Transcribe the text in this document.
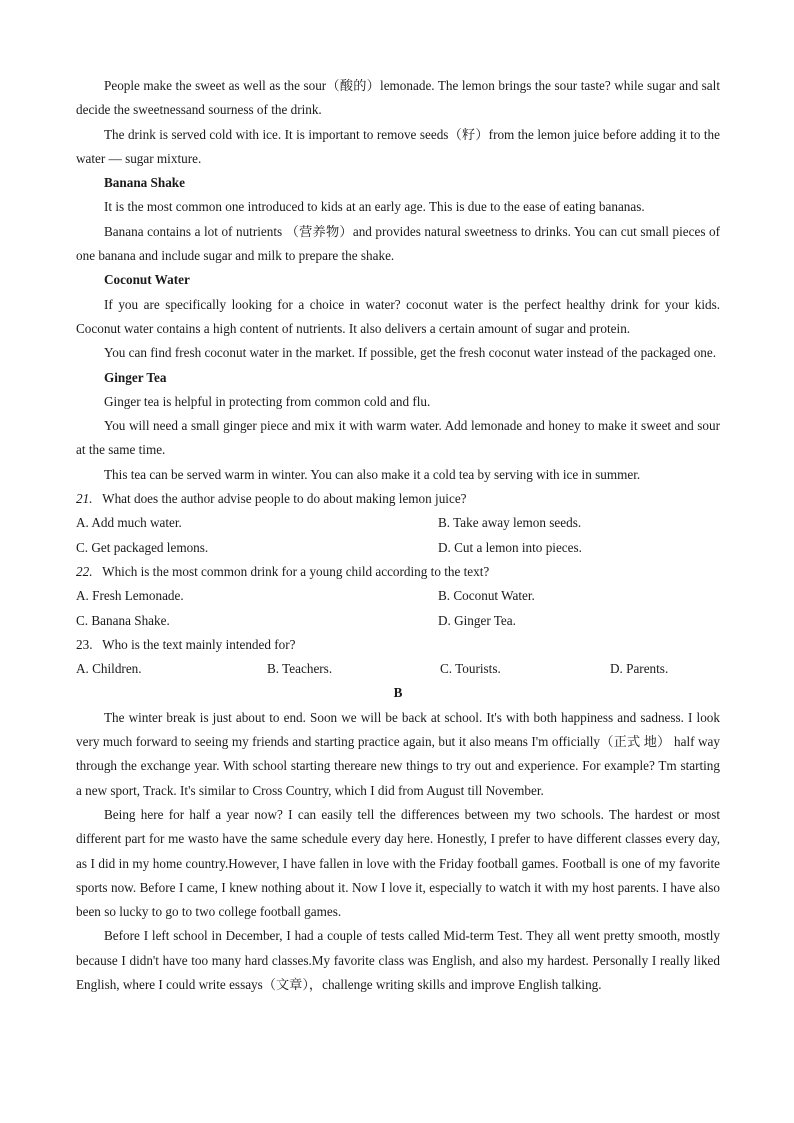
People make the sweet as well as the sour（酸的）lemonade. The lemon brings the sour taste? while sugar and salt decide the sweetnessand sourness of the drink.

The drink is served cold with ice. It is important to remove seeds（籽）from the lemon juice before adding it to the water — sugar mixture.

Banana Shake

It is the most common one introduced to kids at an early age. This is due to the ease of eating bananas.

Banana contains a lot of nutrients （营养物）and provides natural sweetness to drinks. You can cut small pieces of one banana and include sugar and milk to prepare the shake.

Coconut Water

If you are specifically looking for a choice in water? coconut water is the perfect healthy drink for your kids. Coconut water contains a high content of nutrients. It also delivers a certain amount of sugar and protein.

You can find fresh coconut water in the market. If possible, get the fresh coconut water instead of the packaged one.

Ginger Tea

Ginger tea is helpful in protecting from common cold and flu.

You will need a small ginger piece and mix it with warm water. Add lemonade and honey to make it sweet and sour at the same time.

This tea can be served warm in winter. You can also make it a cold tea by serving with ice in summer.

21. What does the author advise people to do about making lemon juice?
A. Add much water.	B. Take away lemon seeds.
C. Get packaged lemons.	D. Cut a lemon into pieces.
22. Which is the most common drink for a young child according to the text?
A. Fresh Lemonade.	B. Coconut Water.
C. Banana Shake.	D. Ginger Tea.
23. Who is the text mainly intended for?
A. Children.	B. Teachers.	C. Tourists.	D. Parents.

B

The winter break is just about to end. Soon we will be back at school. It's with both happiness and sadness. I look very much forward to seeing my friends and starting practice again, but it also means I'm officially（正式 地） half way through the exchange year. With school starting thereare new things to try out and experience. For example? Tm starting a new sport, Track. It's similar to Cross Country, which I did from August till November.

Being here for half a year now? I can easily tell the differences between my two schools. The hardest or most different part for me wasto have the same schedule every day here. Honestly, I prefer to have different classes every day, as I did in my home country.However, I have fallen in love with the Friday football games. Football is one of my favorite sports now. Before I came, I knew nothing about it. Now I love it, especially to watch it with my host parents. I have also been so lucky to go to two college football games.

Before I left school in December, I had a couple of tests called Mid-term Test. They all went pretty smooth, mostly because I didn't have too many hard classes.My favorite class was English, and also my hardest. Personally I really liked English, where I could write essays（文章），challenge writing skills and improve English talking.
